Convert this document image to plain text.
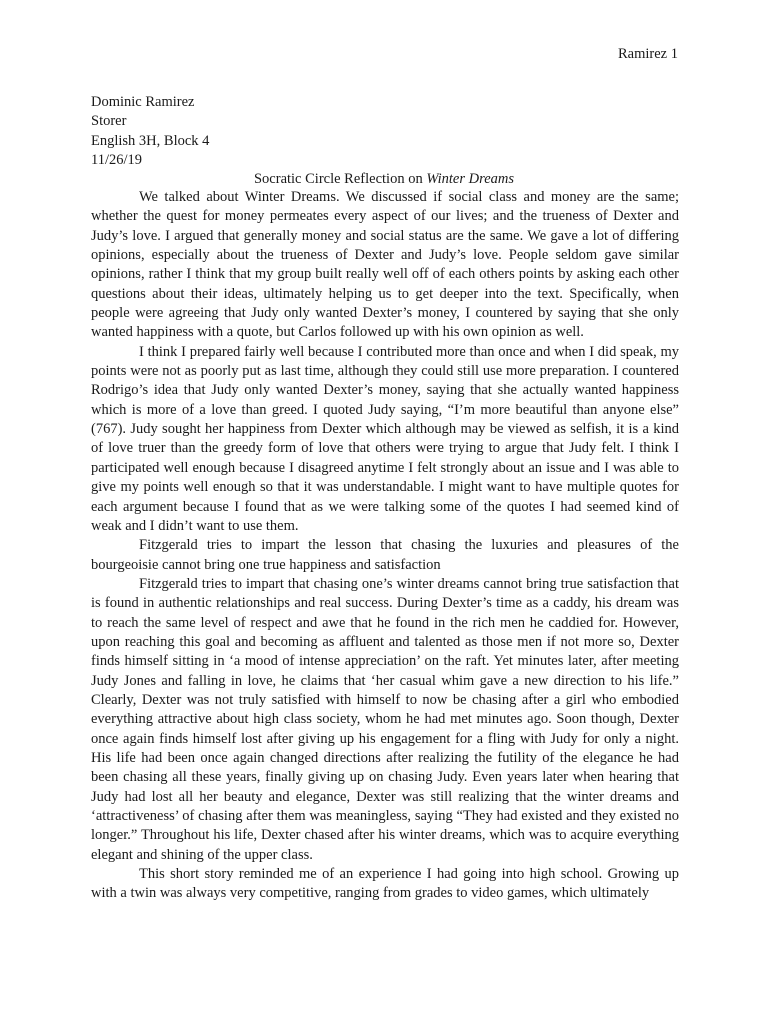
Ramirez 1
Dominic Ramirez
Storer
English 3H, Block 4
11/26/19
Socratic Circle Reflection on Winter Dreams

We talked about Winter Dreams. We discussed if social class and money are the same; whether the quest for money permeates every aspect of our lives; and the trueness of Dexter and Judy’s love. I argued that generally money and social status are the same. We gave a lot of differing opinions, especially about the trueness of Dexter and Judy’s love. People seldom gave similar opinions, rather I think that my group built really well off of each others points by asking each other questions about their ideas, ultimately helping us to get deeper into the text. Specifically, when people were agreeing that Judy only wanted Dexter’s money, I countered by saying that she only wanted happiness with a quote, but Carlos followed up with his own opinion as well.

I think I prepared fairly well because I contributed more than once and when I did speak, my points were not as poorly put as last time, although they could still use more preparation. I countered Rodrigo’s idea that Judy only wanted Dexter’s money, saying that she actually wanted happiness which is more of a love than greed. I quoted Judy saying, “I’m more beautiful than anyone else” (767). Judy sought her happiness from Dexter which although may be viewed as selfish, it is a kind of love truer than the greedy form of love that others were trying to argue that Judy felt. I think I participated well enough because I disagreed anytime I felt strongly about an issue and I was able to give my points well enough so that it was understandable. I might want to have multiple quotes for each argument because I found that as we were talking some of the quotes I had seemed kind of weak and I didn’t want to use them.

Fitzgerald tries to impart the lesson that chasing the luxuries and pleasures of the bourgeoisie cannot bring one true happiness and satisfaction

Fitzgerald tries to impart that chasing one’s winter dreams cannot bring true satisfaction that is found in authentic relationships and real success. During Dexter’s time as a caddy, his dream was to reach the same level of respect and awe that he found in the rich men he caddied for. However, upon reaching this goal and becoming as affluent and talented as those men if not more so, Dexter finds himself sitting in ‘a mood of intense appreciation’ on the raft. Yet minutes later, after meeting Judy Jones and falling in love, he claims that ‘her casual whim gave a new direction to his life.” Clearly, Dexter was not truly satisfied with himself to now be chasing after a girl who embodied everything attractive about high class society, whom he had met minutes ago. Soon though, Dexter once again finds himself lost after giving up his engagement for a fling with Judy for only a night. His life had been once again changed directions after realizing the futility of the elegance he had been chasing all these years, finally giving up on chasing Judy. Even years later when hearing that Judy had lost all her beauty and elegance, Dexter was still realizing that the winter dreams and ‘attractiveness’ of chasing after them was meaningless, saying “They had existed and they existed no longer.” Throughout his life, Dexter chased after his winter dreams, which was to acquire everything elegant and shining of the upper class.

This short story reminded me of an experience I had going into high school. Growing up with a twin was always very competitive, ranging from grades to video games, which ultimately
